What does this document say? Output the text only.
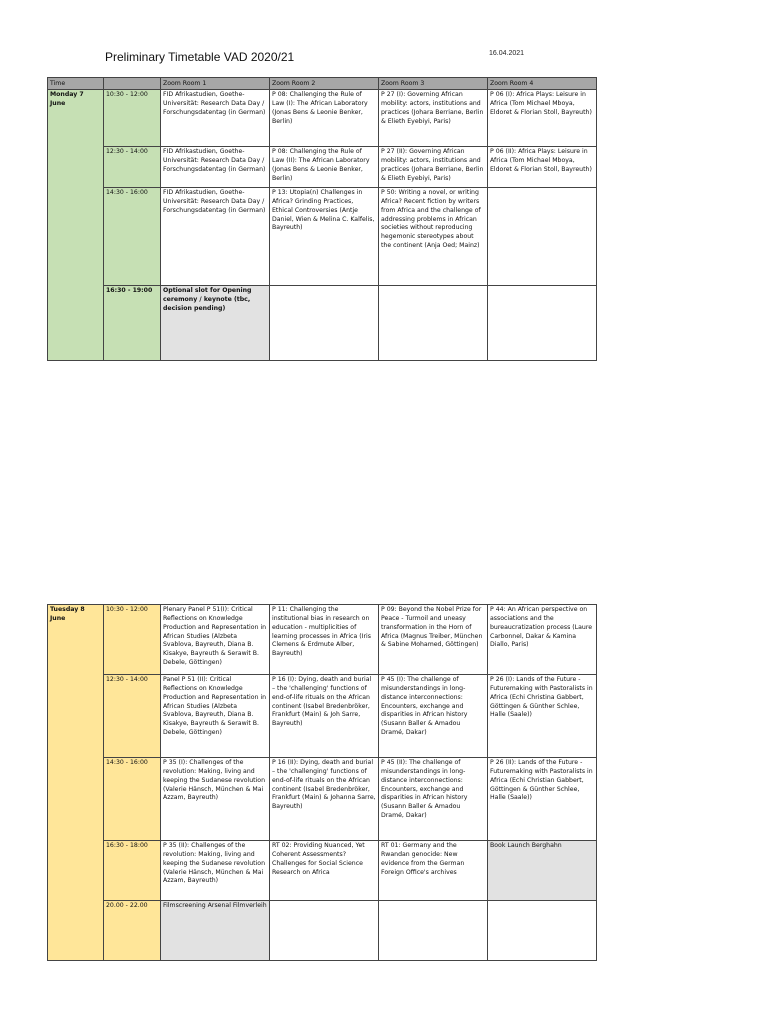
Preliminary Timetable VAD 2020/21	16.04.2021
Time		Zoom Room 1	Zoom Room 2	Zoom Room 3	Zoom Room 4
Monday 7 June	10:30 - 12:00	FID Afrikastudien, Goethe-Universität: Research Data Day / Forschungsdatentag (in German)	P 08: Challenging the Rule of Law (I): The African Laboratory (Jonas Bens & Leonie Benker, Berlin)	P 27 (I): Governing African mobility: actors, institutions and practices (Johara Berriane, Berlin & Elieth Eyebiyi, Paris)	P 06 (I): Africa Plays: Leisure in Africa (Tom Michael Mboya, Eldoret & Florian Stoll, Bayreuth)
	12:30 - 14:00	FID Afrikastudien, Goethe-Universität: Research Data Day / Forschungsdatentag (in German)	P 08: Challenging the Rule of Law (II): The African Laboratory (Jonas Bens & Leonie Benker, Berlin)	P 27 (II): Governing African mobility: actors, institutions and practices (Johara Berriane, Berlin & Elieth Eyebiyi, Paris)	P 06 (II): Africa Plays: Leisure in Africa (Tom Michael Mboya, Eldoret & Florian Stoll, Bayreuth)
	14:30 - 16:00	FID Afrikastudien, Goethe-Universität: Research Data Day / Forschungsdatentag (in German)	P 13: Utopia(n) Challenges in Africa? Grinding Practices, Ethical Controversies (Antje Daniel, Wien & Melina C. Kalfelis, Bayreuth)	P 50: Writing a novel, or writing Africa? Recent fiction by writers from Africa and the challenge of addressing problems in African societies without reproducing hegemonic stereotypes about the continent (Anja Oed; Mainz)	
	16:30 - 19:00	Optional slot for Opening ceremony / keynote (tbc, decision pending)			
Tuesday 8 June	10:30 - 12:00	Plenary Panel P 51(I): Critical Reflections on Knowledge Production and Representation in African Studies (Alzbeta Svablova, Bayreuth, Diana B. Kisakye, Bayreuth & Serawit B. Debele, Göttingen)	P 11: Challenging the institutional bias in research on education - multiplicities of learning processes in Africa (Iris Clemens & Erdmute Alber, Bayreuth)	P 09: Beyond the Nobel Prize for Peace - Turmoil and uneasy transformation in the Horn of Africa (Magnus Treiber, München & Sabine Mohamed, Göttingen)	P 44: An African perspective on associations and the bureaucratization process (Laure Carbonnel, Dakar & Kamina Diallo, Paris)
	12:30 - 14:00	Panel P 51 (II): Critical Reflections on Knowledge Production and Representation in African Studies (Alzbeta Svablova, Bayreuth, Diana B. Kisakye, Bayreuth & Serawit B. Debele, Göttingen)	P 16 (I): Dying, death and burial – the 'challenging' functions of end-of-life rituals on the African continent (Isabel Bredenbröker, Frankfurt (Main) & Joh Sarre, Bayreuth)	P 45 (I): The challenge of misunderstandings in long-distance interconnections: Encounters, exchange and disparities in African history (Susann Baller & Amadou Dramé, Dakar)	P 26 (I): Lands of the Future - Futuremaking with Pastoralists in Africa (Echi Christina Gabbert, Göttingen & Günther Schlee, Halle (Saale))
	14:30 - 16:00	P 35 (I): Challenges of the revolution: Making, living and keeping the Sudanese revolution (Valerie Hänsch, München & Mai Azzam, Bayreuth)	P 16 (II): Dying, death and burial – the 'challenging' functions of end-of-life rituals on the African continent (Isabel Bredenbröker, Frankfurt (Main) & Johanna Sarre, Bayreuth)	P 45 (II): The challenge of misunderstandings in long-distance interconnections: Encounters, exchange and disparities in African history (Susann Baller & Amadou Dramé, Dakar)	P 26 (II): Lands of the Future - Futuremaking with Pastoralists in Africa (Echi Christian Gabbert, Göttingen & Günther Schlee, Halle (Saale))
	16:30 - 18:00	P 35 (II): Challenges of the revolution: Making, living and keeping the Sudanese revolution (Valerie Hänsch, München & Mai Azzam, Bayreuth)	RT 02: Providing Nuanced, Yet Coherent Assessments? Challenges for Social Science Research on Africa	RT 01: Germany and the Rwandan genocide: New evidence from the German Foreign Office's archives	Book Launch Berghahn
	20.00 - 22.00	Filmscreening Arsenal Filmverleih			
